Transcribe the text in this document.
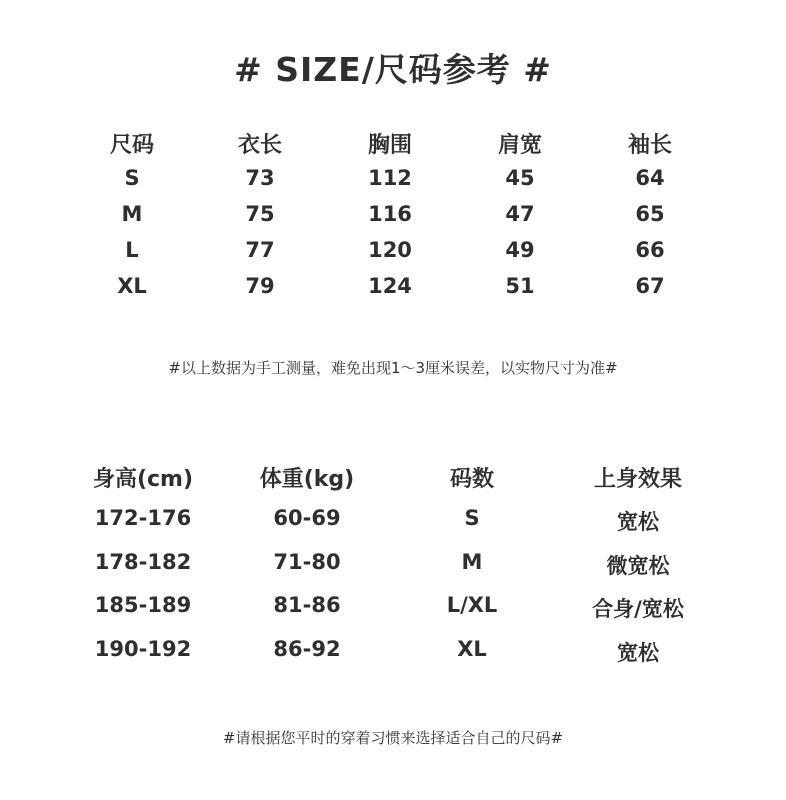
# SIZE/尺码参考 #
尺码	衣长	胸围	肩宽	袖长
S	73	112	45	64
M	75	116	47	65
L	77	120	49	66
XL	79	124	51	67
#以上数据为手工测量，难免出现1～3厘米误差，以实物尺寸为准#
身高(cm)	体重(kg)	码数	上身效果
172-176	60-69	S	宽松
178-182	71-80	M	微宽松
185-189	81-86	L/XL	合身/宽松
190-192	86-92	XL	宽松
#请根据您平时的穿着习惯来选择适合自己的尺码#
